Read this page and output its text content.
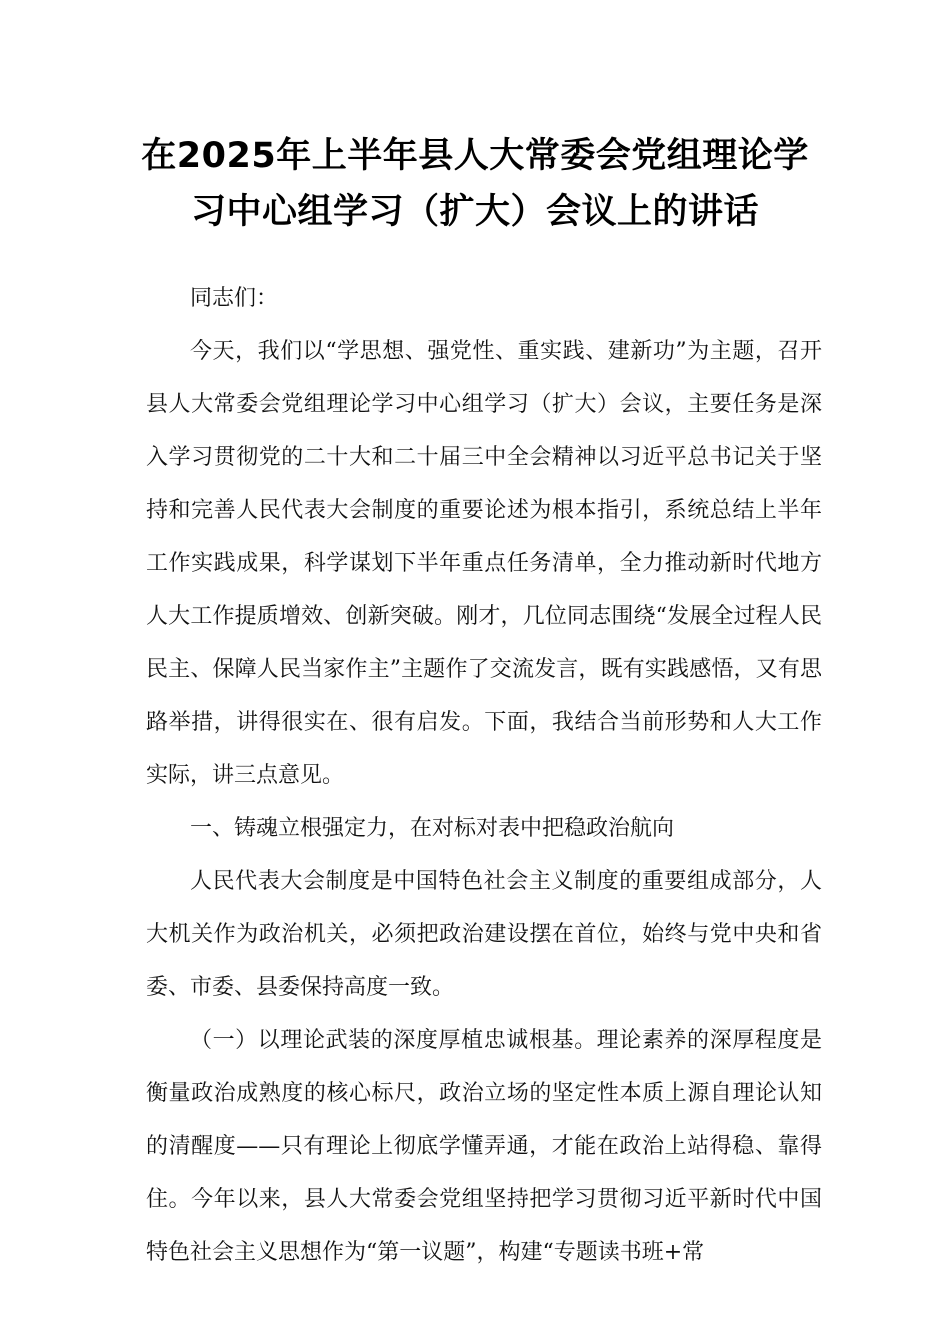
在2025年上半年县人大常委会党组理论学
习中心组学习（扩大）会议上的讲话

同志们：

今天，我们以“学思想、强党性、重实践、建新功”为主题，召开县人大常委会党组理论学习中心组学习（扩大）会议，主要任务是深入学习贯彻党的二十大和二十届三中全会精神以习近平总书记关于坚持和完善人民代表大会制度的重要论述为根本指引，系统总结上半年工作实践成果，科学谋划下半年重点任务清单，全力推动新时代地方人大工作提质增效、创新突破。刚才，几位同志围绕“发展全过程人民民主、保障人民当家作主”主题作了交流发言，既有实践感悟，又有思路举措，讲得很实在、很有启发。下面，我结合当前形势和人大工作实际，讲三点意见。

一、铸魂立根强定力，在对标对表中把稳政治航向

人民代表大会制度是中国特色社会主义制度的重要组成部分，人大机关作为政治机关，必须把政治建设摆在首位，始终与党中央和省委、市委、县委保持高度一致。

（一）以理论武装的深度厚植忠诚根基。理论素养的深厚程度是衡量政治成熟度的核心标尺，政治立场的坚定性本质上源自理论认知的清醒度——只有理论上彻底学懂弄通，才能在政治上站得稳、靠得住。今年以来，县人大常委会党组坚持把学习贯彻习近平新时代中国特色社会主义思想作为“第一议题”，构建“专题读书班+常
